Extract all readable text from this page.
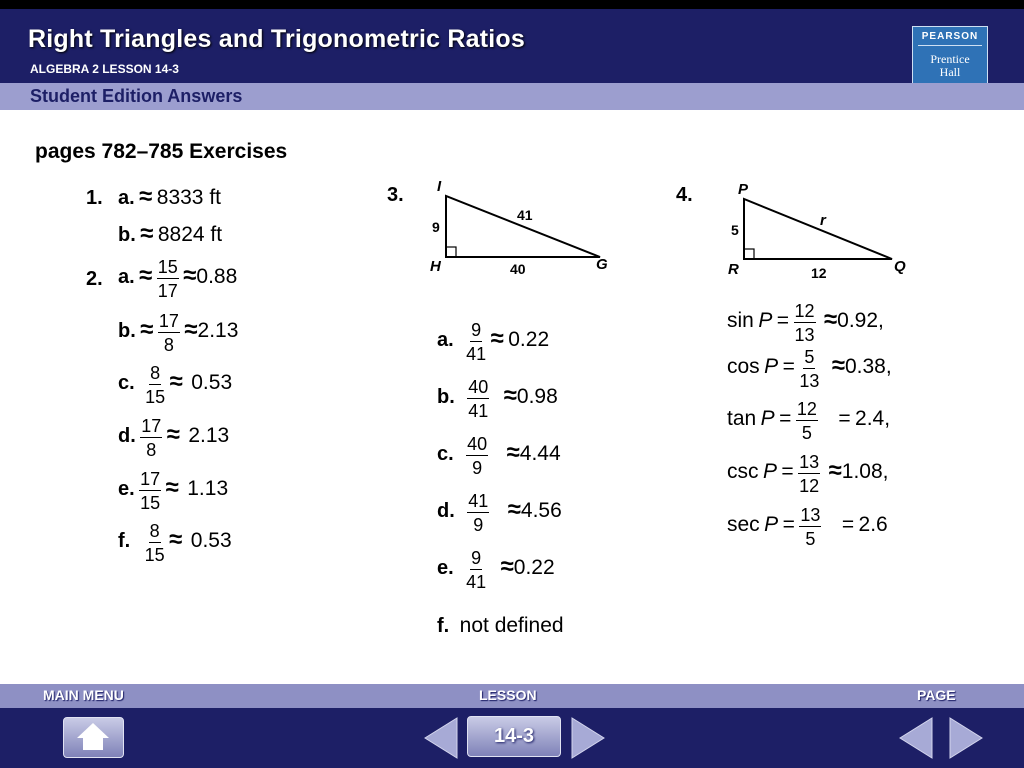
Right Triangles and Trigonometric Ratios
ALGEBRA 2 LESSON 14-3
PEARSON
Prentice
Hall
Student Edition Answers
pages 782–785 Exercises
1. a. ≈ 8333 ft
b. ≈ 8824 ft
2. a. ≈ $\frac{15}{17} \approx 0.88$
b. ≈ $\frac{17}{8} \approx 2.13$
c. $\frac{8}{15} \approx 0.53$
d. $\frac{17}{8} \approx 2.13$
e. $\frac{17}{15} \approx 1.13$
f. $\frac{8}{15} \approx 0.53$
3. I
H	G
9
40
41
a. $\frac{9}{41} \approx 0.22$
b. $\frac{40}{41} \approx 0.98$
c. $\frac{40}{9} \approx 4.44$
d. $\frac{41}{9} \approx 4.56$
e. $\frac{9}{41} \approx 0.22$
f. not defined
4.	P
R	Q
5
12
r
$\sin P = \frac{12}{13} \approx 0.92$,
$\cos P = \frac{5}{13} \approx 0.38$,
$\tan P = \frac{12}{5} = 2.4$,
$\csc P = \frac{13}{12} \approx 1.08$,
$\sec P = \frac{13}{5} = 2.6$
MAIN MENU	LESSON	PAGE
14-3
